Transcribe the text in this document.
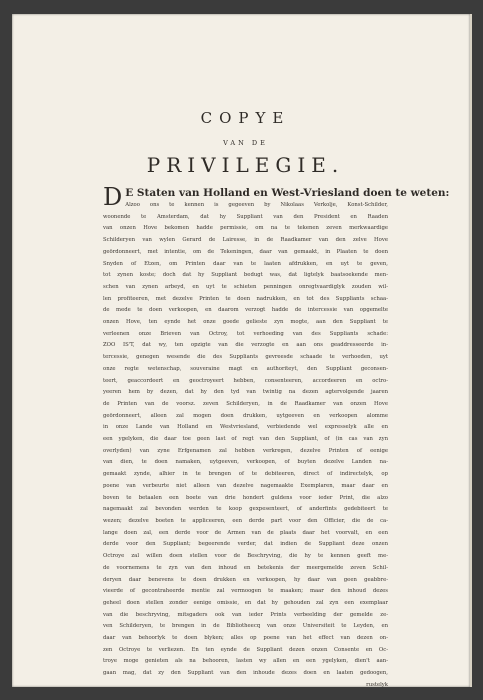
COPYE

VAN DE

PRIVILEGIE.

D E Staten van Holland en West-Vriesland doen te weten:

Alzoo ons te kennen is gegeeven by Nikolaas Verkolje, Konst-Schilder,

woonende te Amsterdam, dat hy Suppliant van den President en Raaden

van onzen Hove bekomen hadde permissie, om na te tekenen zeven merkwaardige

Schilderyen van wylen Gerard de Lairesse, in de Raadkamer van den zelve Hove

geördonneert, met intentie, om de Tekeningen, daar van gemaakt, in Plaaten te doen

Snyden of Etzen, om Printen daar van te laaten afdrukken, en uyt te geven,

tot zynen koste; doch dat hy Suppliant bedugt was, dat ligtelyk baatsoekende men-

schen van zynen arbeyd, en uyt te schieten penningen onregtvaardiglyk zouden wil-

len profiteeren, met dezelve Printen te doen nadrukken, en tot des Suppliants schaa-

de mede te doen verkoopen, en daarom verzogt hadde de intercessie van opgemelte

onzen Hove, ten eynde het onze goede gelieste zyn mogte, aan den Suppliant te

verleenen onze Brieven van Octroy, tot verhoeding van des Suppliants schade:

ZOO IS'T, dat wy, ten opzigte van die verzogte en aan ons geaddresseerde in-

tercessie, genegen wesende die des Suppliants gevreesde schaade te verhoeden, uyt

onze regte wetenschap, souveraine magt en authoriteyt, den Suppliant geconsen-

teert, geaccordeert en geoctroyeert hebben, consenteeren, accordeeren en octro-

yeeren hem by dezen, dat hy den tyd van twintig na dezen agtervolgende jaaren

de Printen van de voorsz. zeven Schilderyen, in de Raadkamer van onzen Hove

geördonneert, alleen zal mogen doen drukken, uytgeeven en verkoopen alomme

in onze Lande van Holland en Westvriesland, verbiedende wel expresselyk alle en

een ygelyken, die daar toe geen last of regt van den Suppliant, of (in cas van zyn

overlyden) van zyne Erfgenamen zal hebben verkregen, dezelve Printen of eenige

van dien, te doen namaken, uytgeeven, verkoopen, of buyten dezelve Landen na-

gemaakt zynde, alhier in te brengen of te debiteeren, direct of indirectelyk, op

poene van verbeurte niet alleen van dezelve nagemaakte Exemplaren, maar daar en

boven te betaalen een boete van drie hondert guldens voor ieder Print, die alzo

nagemaakt zal bevonden werden te koop gexpesenteert, of anderfints gedebiteert te

wezen; dezelve boeten te appliceeren, een derde part voor den Officier, die de ca-

lange doen zal, een derde voor de Armen van de plaats daar het voorvalt, en een

derde voor den Suppliant; begeerende verder, dat indien de Suppliant deze onzen

Octroye zal willen doen stellen voor de Beschryving, die hy te kennen geeft me-

de voornemens te zyn van den inhoud en betekenis der meergemelde zeven Schil-

deryen daar benevens te doen drukken en verkoopen, hy daar van geen geabbre-

vieerde of gecontraheerde mentie zal vermoogen te maaken; maar den inhoud dezes

geheel doen stellen zonder eenige omissie, en dat hy gehouden zal zyn een exemplaar

van die beschryving, mitsgaders ook van ieder Prints verbeelding der gemelde ze-

ven Schilderyen, te brengen in de Bibliotheecq van onze Universiteit te Leyden, en

daar van behoorlyk te doen blyken; alles op poene van het effect van dezen on-

zen Octroye te verliezen. En ten eynde de Suppliant dezen onzen Consente en Oc-

troye moge genieten als na behooren, lasten wy allen en een ygelyken, dien't aan-

gaan mag, dat zy den Suppliant van den inhoude dezes doen en laaten gedoogen,

rustelyk
